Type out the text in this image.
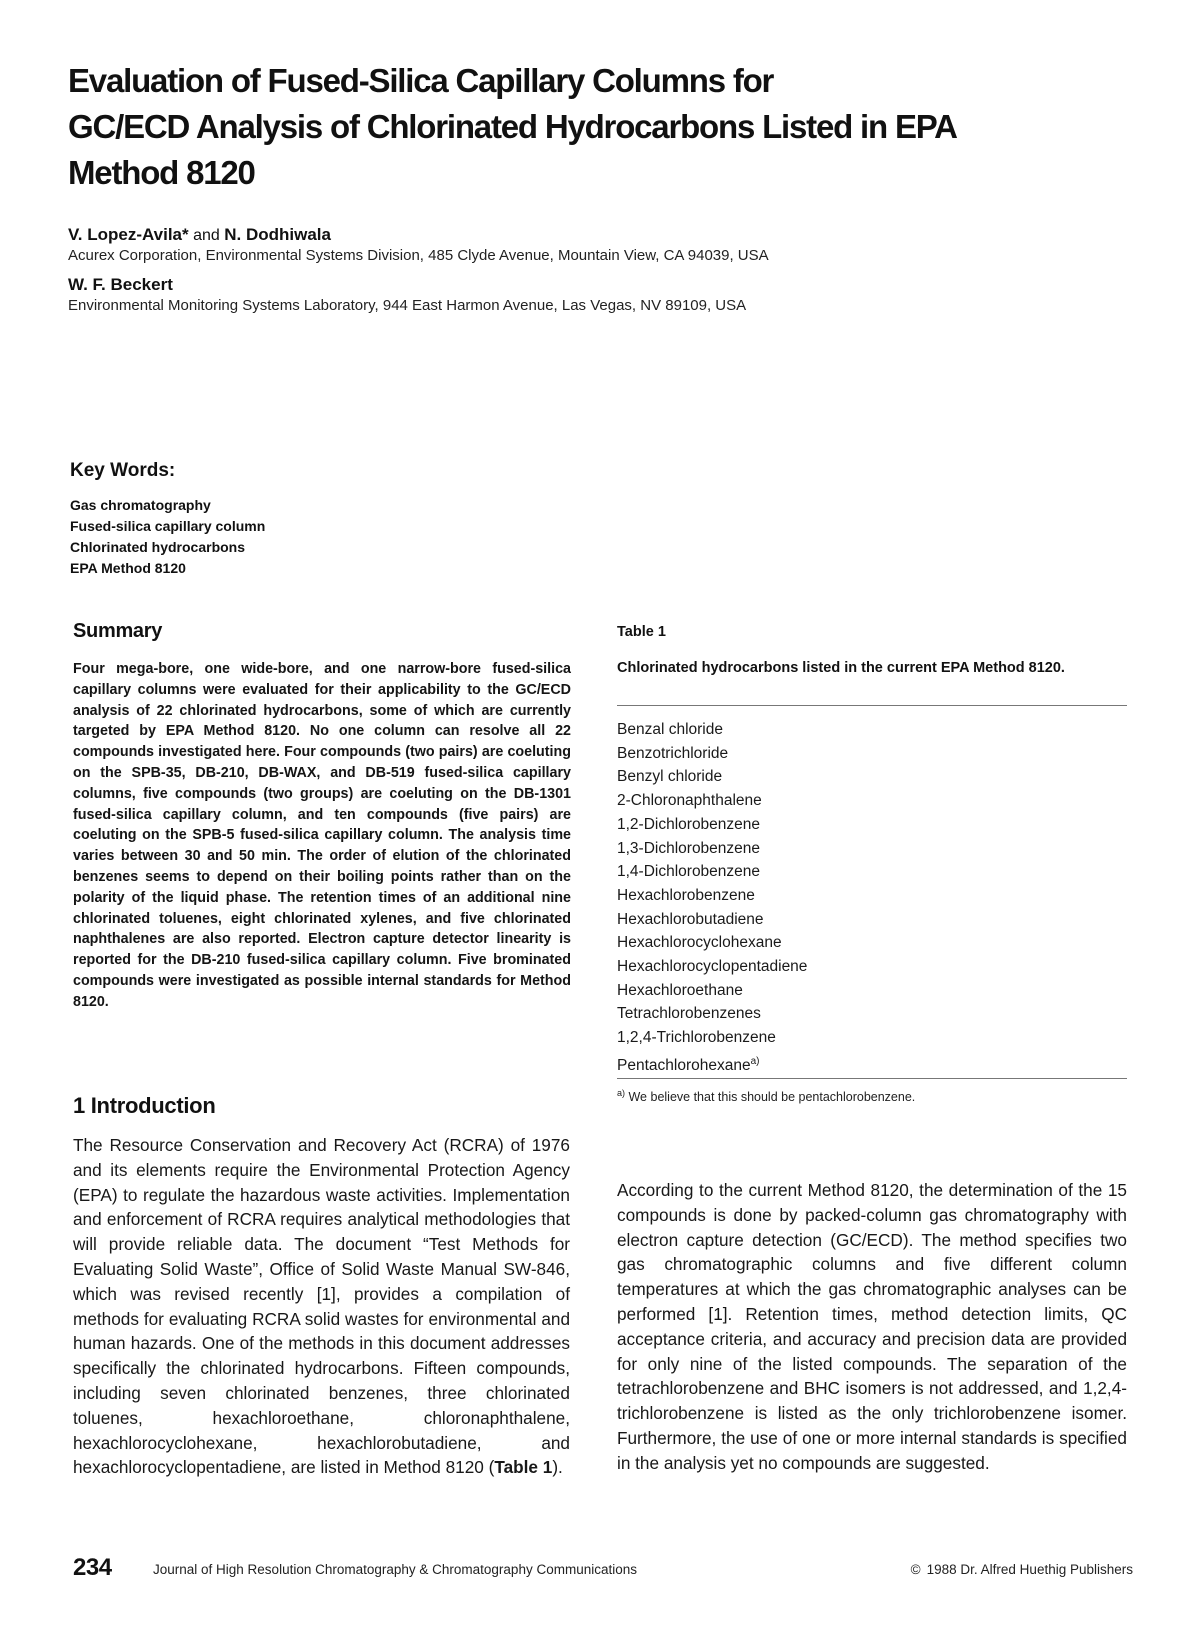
Evaluation of Fused-Silica Capillary Columns for
GC/ECD Analysis of Chlorinated Hydrocarbons Listed in EPA
Method 8120
V. Lopez-Avila* and N. Dodhiwala
Acurex Corporation, Environmental Systems Division, 485 Clyde Avenue, Mountain View, CA 94039, USA
W. F. Beckert
Environmental Monitoring Systems Laboratory, 944 East Harmon Avenue, Las Vegas, NV 89109, USA
Key Words:
Gas chromatography
Fused-silica capillary column
Chlorinated hydrocarbons
EPA Method 8120
Summary
Four mega-bore, one wide-bore, and one narrow-bore fused-silica capillary columns were evaluated for their applicability to the GC/ECD analysis of 22 chlorinated hydrocarbons, some of which are currently targeted by EPA Method 8120. No one column can resolve all 22 compounds investigated here. Four compounds (two pairs) are coeluting on the SPB-35, DB-210, DB-WAX, and DB-519 fused-silica capillary columns, five compounds (two groups) are coeluting on the DB-1301 fused-silica capillary column, and ten compounds (five pairs) are coeluting on the SPB-5 fused-silica capillary column. The analysis time varies between 30 and 50 min. The order of elution of the chlorinated benzenes seems to depend on their boiling points rather than on the polarity of the liquid phase. The retention times of an additional nine chlorinated toluenes, eight chlorinated xylenes, and five chlorinated naphthalenes are also reported. Electron capture detector linearity is reported for the DB-210 fused-silica capillary column. Five brominated compounds were investigated as possible internal standards for Method 8120.
1 Introduction
The Resource Conservation and Recovery Act (RCRA) of 1976 and its elements require the Environmental Protection Agency (EPA) to regulate the hazardous waste activities. Implementation and enforcement of RCRA requires analytical methodologies that will provide reliable data. The document “Test Methods for Evaluating Solid Waste”, Office of Solid Waste Manual SW-846, which was revised recently [1], provides a compilation of methods for evaluating RCRA solid wastes for environmental and human hazards. One of the methods in this document addresses specifically the chlorinated hydrocarbons. Fifteen compounds, including seven chlorinated benzenes, three chlorinated toluenes, hexachloroethane, chloronaphthalene, hexachlorocyclohexane, hexachlorobutadiene, and hexachlorocyclopentadiene, are listed in Method 8120 (Table 1).
Table 1
Chlorinated hydrocarbons listed in the current EPA Method 8120.
Benzal chloride
Benzotrichloride
Benzyl chloride
2-Chloronaphthalene
1,2-Dichlorobenzene
1,3-Dichlorobenzene
1,4-Dichlorobenzene
Hexachlorobenzene
Hexachlorobutadiene
Hexachlorocyclohexane
Hexachlorocyclopentadiene
Hexachloroethane
Tetrachlorobenzenes
1,2,4-Trichlorobenzene
Pentachlorohexane$^{a)}$
$^{a)}$ We believe that this should be pentachlorobenzene.
According to the current Method 8120, the determination of the 15 compounds is done by packed-column gas chromatography with electron capture detection (GC/ECD). The method specifies two gas chromatographic columns and five different column temperatures at which the gas chromatographic analyses can be performed [1]. Retention times, method detection limits, QC acceptance criteria, and accuracy and precision data are provided for only nine of the listed compounds. The separation of the tetrachlorobenzene and BHC isomers is not addressed, and 1,2,4-trichlorobenzene is listed as the only trichlorobenzene isomer. Furthermore, the use of one or more internal standards is specified in the analysis yet no compounds are suggested.
234	Journal of High Resolution Chromatography & Chromatography Communications	© 1988 Dr. Alfred Huethig Publishers
